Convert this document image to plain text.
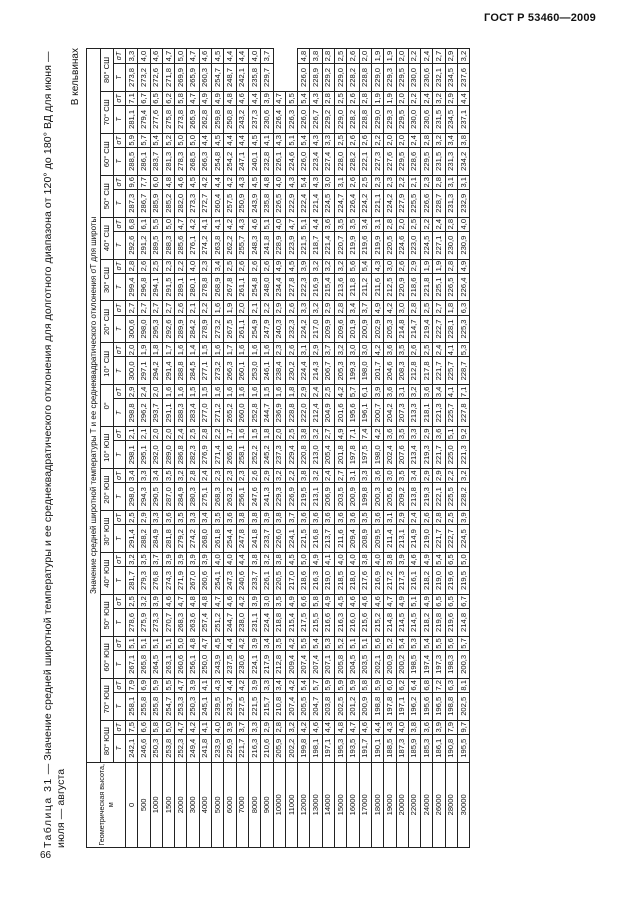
ГОСТ Р 53460—2009
Таблица 31 — Значение средней широтной температуры и ее среднеквадратического отклонения для долготного диапазона от 120° до 180° ВД для июня — июля — августа
В кельвинах
Геометрическая высота, м	Значение средней широтной температуры T и ее среднеквадратического отклонения σT для широты																																	
	80° ЮШ		70° ЮШ		60° ЮШ		50° ЮШ		40° ЮШ		30° ЮШ		20° ЮШ		10° ЮШ		0°		10° СШ		20° СШ		30° СШ		40° СШ		50° СШ		60° СШ		70° СШ		80° СШ	
	T	σT	T	σT	T	σT	T	σT	T	σT	T	σT	T	σT	T	σT	T	σT	T	σT	T	σT	T	σT	T	σT	T	σT	T	σT	T	σT	T	σT
0	242,1	7,5	258,1	7,9	267,1	5,1	278,6	2,5	281,7	3,2	291,4	2,5	298,0	3,4	298,1	2,1	298,8	2,9	300,0	2,0	300,6	2,7	299,4	2,8	292,6	6,8	287,3	9,6	288,5	5,9	281,1	7,1	273,8	3,3
500	246,6	6,6	255,8	6,9	265,8	5,1	275,9	3,2	279,3	3,5	288,2	2,9	294,3	3,3	295,1	2,1	296,2	2,4	297,1	1,9	298,0	2,7	296,8	2,6	291,2	6,1	286,7	7,7	286,1	5,7	279,4	6,7	273,2	4,0
1000	250,3	5,8	255,8	5,9	264,5	5,1	273,3	3,9	276,8	3,7	284,9	3,3	290,5	3,4	292,0	2,0	293,7	2,0	294,2	1,8	295,3	2,7	294,1	2,5	289,5	5,5	285,9	6,0	283,7	5,4	277,6	6,5	272,6	4,6
1500	253,8	5,0	254,7	5,5	263,1	5,1	270,7	4,6	274,3	3,9	281,8	3,6	287,0	3,5	289,0	2,0	291,1	1,6	291,4	1,7	292,6	2,7	291,5	2,3	288,3	5,0	285,2	4,8	281,3	5,2	275,8	6,2	271,8	4,7
2000	252,3	4,7	253,3	4,7	260,6	5,0	268,3	4,7	271,9	3,9	279,2	3,5	284,9	3,2	286,8	2,4	288,3	1,6	288,8	1,6	289,9	2,6	289,1	2,2	285,6	4,7	282,0	4,6	278,3	5,0	273,8	5,8	269,9	5,0
3000	249,4	4,2	250,3	3,9	256,1	4,8	263,6	4,8	267,0	3,9	274,2	3,3	280,3	2,8	282,3	2,5	283,4	1,5	284,5	1,4	284,2	2,1	280,1	4,0	276,1	4,2	273,3	4,5	268,5	5,0	265,9	4,7	265,9	4,7
4000	241,8	4,1	245,1	4,1	250,0	4,7	257,4	4,8	260,6	3,9	268,0	3,4	275,1	2,4	276,9	2,8	277,0	1,5	277,1	1,5	278,9	2,2	278,8	2,3	274,2	4,1	272,7	4,2	266,3	4,4	262,8	4,9	260,3	4,6
5000	233,9	4,0	239,5	4,3	243,9	4,5	251,2	4,7	254,1	4,0	261,8	3,5	268,3	2,3	271,4	2,2	271,2	1,6	273,2	1,6	273,2	1,6	268,9	3,4	263,8	4,1	260,4	4,4	254,8	4,5	259,8	4,9	254,7	4,5
6000	226,9	3,9	233,7	4,4	237,5	4,4	244,7	4,6	247,3	4,0	254,4	3,6	263,2	2,3	265,6	1,7	265,2	1,6	266,3	1,7	267,5	1,9	267,8	2,5	262,2	4,2	257,5	4,2	254,2	4,4	250,8	4,8	248,7	4,4
7000	221,7	3,7	227,5	4,2	230,6	4,2	238,0	4,2	240,6	4,4	247,8	3,8	256,1	2,3	258,1	1,6	260,0	1,6	260,1	1,6	261,1	2,0	261,1	2,6	255,7	4,3	250,9	4,3	247,1	4,4	243,2	4,6	242,1	4,4
8000	216,3	3,3	221,5	3,9	224,1	3,9	231,1	3,9	233,7	3,8	241,8	3,8	247,6	2,6	252,2	1,5	252,8	1,6	253,0	1,6	254,9	2,1	254,8	2,6	248,3	4,6	243,9	4,5	240,1	4,5	237,3	4,4	235,8	4,0
9000	210,6	2,9	215,7	3,3	217,9	3,4	224,4	3,0	226,1	3,2	233,7	3,9	241,3	2,9	245,2	1,8	244,7	1,5	246,1	1,6	247,9	2,2	248,0	2,6	241,8	5,1	235,8	4,8	232,8	4,1	230,6	3,9	229,7	3,7
10000	205,9	2,8	210,8	3,4	212,8	3,5	218,8	3,5	220,5	3,8	226,0	3,8	229,3	3,2	237,3	2,0	236,9	1,6	238,4	2,3	240,3	2,9	234,4	4,9	228,9	4,0	226,5	4,0	226,1	4,3	226,4	4,7		
11000	202,2	3,2	207,4	4,2	209,4	4,2	215,4	4,9	217,0	4,5	224,1	3,7	226,9	2,2	229,4	2,5	228,8	1,8	230,2	2,6	232,3	2,6	227,8	4,5	223,9	4,7	222,9	4,3	224,6	5,1	226,3	5,5		
12000	199,8	4,2	205,5	5,4	207,4	5,5	217,5	6,6	218,6	5,0	221,5	3,6	219,5	3,8	220,8	3,8	222,0	2,9	224,4	3,1	224,2	3,3	222,3	3,9	221,5	5,1	222,4	5,4	226,0	5,4	226,0	5,4	226,0	4,8
13000	198,1	4,6	204,7	5,7	207,4	5,4	215,5	5,8	216,3	4,9	216,8	3,6	213,1	3,2	213,0	3,2	212,4	2,4	214,3	2,9	217,0	3,2	216,9	3,2	218,7	4,4	221,4	4,3	223,4	4,3	226,7	4,3	228,9	3,8
14000	197,1	4,4	203,8	5,9	207,1	5,3	216,6	4,9	219,0	4,1	213,7	3,6	206,9	2,4	205,4	2,7	204,9	2,5	206,7	3,7	209,9	2,9	215,4	3,2	221,4	3,6	224,5	3,0	227,4	3,3	229,2	2,8	229,2	2,8
15000	195,3	4,8	202,5	5,9	205,8	5,2	216,3	4,5	218,5	4,0	211,6	3,6	203,5	2,7	201,8	4,9	201,6	4,2	205,3	3,2	209,6	2,8	213,6	3,2	220,7	3,5	224,7	3,1	228,0	2,5	229,0	2,5	229,0	2,5
16000	193,5	4,7	201,2	5,9	204,5	5,1	216,0	4,6	218,0	4,0	209,4	3,6	200,9	3,1	197,8	7,1	195,6	5,7	199,3	3,0	201,9	3,4	211,8	5,6	219,9	3,5	226,4	2,6	228,2	2,6	228,2	2,6	228,2	2,6
17000	191,7	4,6	200,9	5,8	203,5	5,1	215,6	4,6	217,6	3,8	208,9	3,5	199,8	3,3	197,5	7,4	196,1	6,1	198,0	3,0	200,9	3,7	211,2	5,4	219,6	3,4	224,2	2,5	222,1	2,6	228,8	2,8	228,8	2,0
18000	190,1	4,4	198,8	5,9	202,1	5,6	215,2	4,6	216,9	4,0	209,5	3,6	200,3	3,6	198,0	4,2	200,7	3,9	201,7	4,2	202,9	4,9	211,6	4,3	219,9	3,1	221,1	2,3	227,3	2,2	229,0	1,9	229,0	1,9
19000	188,5	4,3	197,8	6,0	200,9	5,2	214,8	4,7	217,2	3,8	211,4	3,1	205,6	3,0	202,4	3,6	204,2	3,6	204,6	3,6	205,3	4,2	212,5	3,0	220,5	2,8	224,2	2,3	227,6	2,0	229,3	1,9	229,3	1,9
20000	187,3	4,0	197,1	6,2	200,2	5,4	214,5	4,9	217,3	3,9	213,1	2,9	209,2	3,5	207,6	3,5	207,3	3,1	208,3	3,5	214,8	3,0	220,9	2,6	224,6	2,0	227,9	2,2	229,5	2,0	229,5	2,0	229,5	2,0
22000	185,9	3,8	196,2	6,4	198,5	5,3	214,5	5,1	216,1	4,6	214,9	2,4	213,8	3,4	213,4	3,3	213,3	3,2	212,8	2,6	214,7	2,8	218,6	2,9	223,0	2,5	225,5	2,1	228,6	2,4	230,0	2,2	230,0	2,2
24000	185,3	3,6	195,6	6,8	197,4	5,4	218,2	4,9	218,2	4,9	219,0	2,6	219,3	2,9	219,3	2,9	218,1	3,6	217,8	2,5	219,4	2,5	221,8	1,9	224,5	2,2	226,6	2,3	229,5	2,8	230,6	2,4	230,6	2,4
26000	186,1	3,9	196,5	7,2	197,3	5,5	219,8	6,5	219,0	5,4	221,7	2,8	222,1	2,9	221,7	3,6	221,3	3,4	221,7	2,4	222,7	2,7	225,1	1,9	227,1	2,4	228,7	2,8	231,5	3,2	231,5	3,2	232,1	2,7
28000	190,8	7,9	198,8	6,3	198,3	5,6	219,6	6,5	219,6	6,5	222,7	2,5	225,5	2,2	225,0	5,1	225,7	4,1	225,7	4,1	228,1	1,8	226,5	2,8	230,0	2,8	231,3	3,1	231,3	3,4	234,5	2,9	234,5	2,9
30000	195,5	9,7	202,5	8,1	200,3	5,7	214,8	6,7	219,5	5,0	224,5	3,9	228,2	3,2	221,3	9,2	227,8	7,1	228,7	5,3	225,3	6,3	226,4	4,9	230,9	4,0	232,9	3,1	234,2	3,8	237,1	4,4	237,6	3,2
66
